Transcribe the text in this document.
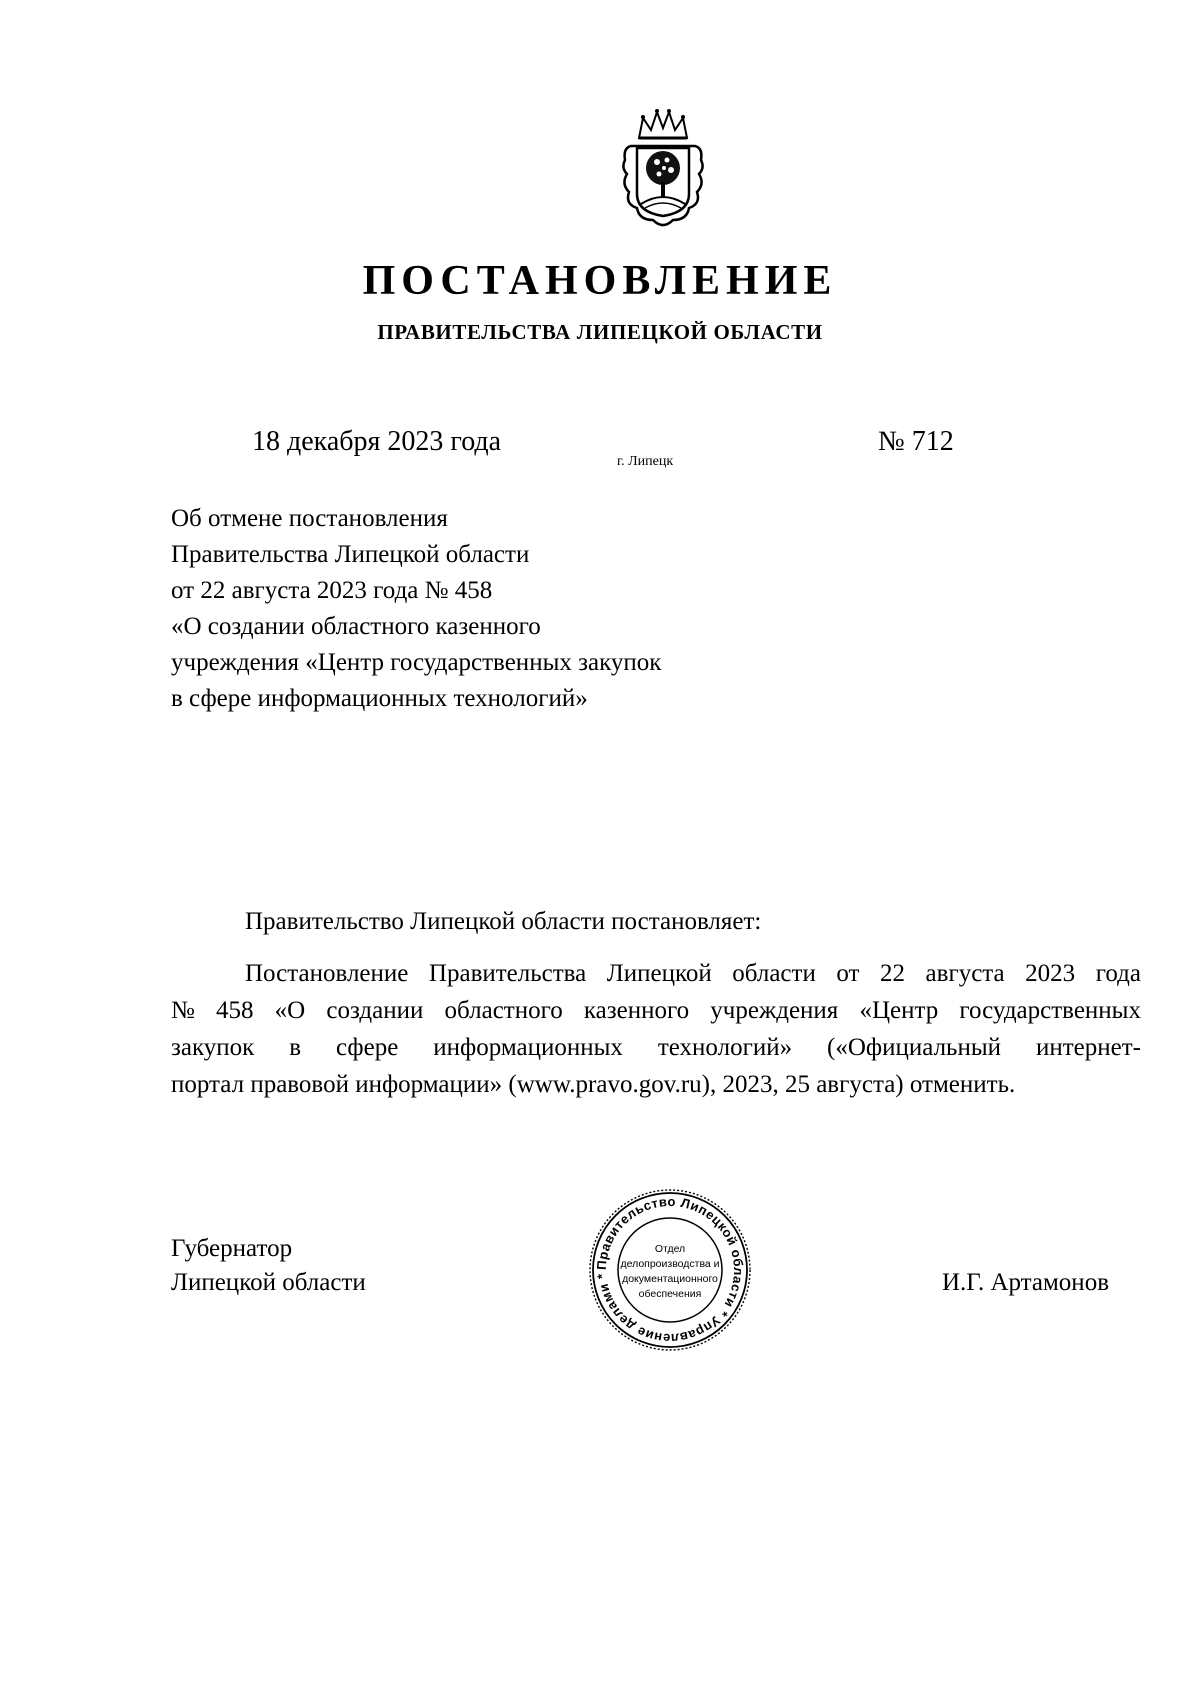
ПОСТАНОВЛЕНИЕ
ПРАВИТЕЛЬСТВА ЛИПЕЦКОЙ ОБЛАСТИ
18 декабря 2023 года
г. Липецк
№ 712
Об отмене постановления
Правительства Липецкой области
от 22 августа 2023 года № 458
«О создании областного казенного
учреждения «Центр государственных закупок
в сфере информационных технологий»
Правительство Липецкой области постановляет:
Постановление Правительства Липецкой области от 22 августа 2023 года
№ 458 «О создании областного казенного учреждения «Центр государственных
закупок в сфере информационных технологий» («Официальный интернет-
портал правовой информации» (www.pravo.gov.ru), 2023, 25 августа) отменить.
Губернатор
Липецкой области
Правительство Липецкой области * Управление делами *
Отдел
делопроизводства и
документационного
обеспечения	И.Г. Артамонов
